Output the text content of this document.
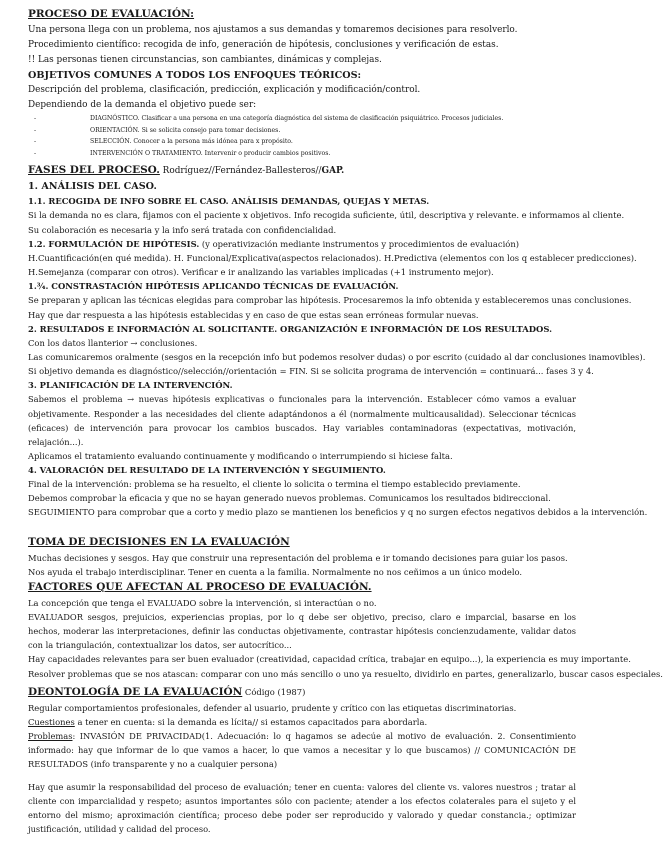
PROCESO DE EVALUACIÓN:
Una persona llega con un problema, nos ajustamos a sus demandas y tomaremos decisiones para resolverlo.
Procedimiento científico: recogida de info, generación de hipótesis, conclusiones y verificación de estas.
!! Las personas tienen circunstancias, son cambiantes, dinámicas y complejas.
OBJETIVOS COMUNES A TODOS LOS ENFOQUES TEÓRICOS:
Descripción del problema, clasificación, predicción, explicación y modificación/control.
Dependiendo de la demanda el objetivo puede ser:
-	DIAGNÓSTICO. Clasificar a una persona en una categoría diagnóstica del sistema de clasificación psiquiátrico. Procesos judiciales.
-	ORIENTACIÓN. Si se solicita consejo para tomar decisiones.
-	SELECCIÓN. Conocer a la persona más idónea para x propósito.
-	INTERVENCIÓN O TRATAMIENTO. Intervenir o producir cambios positivos.
FASES DEL PROCESO. Rodríguez//Fernández-Ballesteros//GAP.
1. ANÁLISIS DEL CASO.
1.1. RECOGIDA DE INFO SOBRE EL CASO. ANÁLISIS DEMANDAS, QUEJAS Y METAS.
Si la demanda no es clara, fijamos con el paciente x objetivos. Info recogida suficiente, útil, descriptiva y relevante. e informamos al cliente.
Su colaboración es necesaria y la info será tratada con confidencialidad.
1.2. FORMULACIÓN DE HIPÓTESIS. (y operativización mediante instrumentos y procedimientos de evaluación)
H.Cuantificación(en qué medida). H. Funcional/Explicativa(aspectos relacionados). H.Predictiva (elementos con los q establecer predicciones).
H.Semejanza (comparar con otros). Verificar e ir analizando las variables implicadas (+1 instrumento mejor).
1.¾. CONSTRASTACIÓN HIPÓTESIS APLICANDO TÉCNICAS DE EVALUACIÓN.
Se preparan y aplican las técnicas elegidas para comprobar las hipótesis. Procesaremos la info obtenida y estableceremos unas conclusiones.
Hay que dar respuesta a las hipótesis establecidas y en caso de que estas sean erróneas formular nuevas.
2. RESULTADOS E INFORMACIÓN AL SOLICITANTE. ORGANIZACIÓN E INFORMACIÓN DE LOS RESULTADOS.
Con los datos llanterior → conclusiones.
Las comunicaremos oralmente (sesgos en la recepción info but podemos resolver dudas) o por escrito (cuidado al dar conclusiones inamovibles).
Si objetivo demanda es diagnóstico//selección//orientación = FIN. Si se solicita programa de intervención = continuará... fases 3 y 4.
3. PLANIFICACIÓN DE LA INTERVENCIÓN.
Sabemos el problema → nuevas hipótesis explicativas o funcionales para la intervención. Establecer cómo vamos a evaluar objetivamente. Responder a las necesidades del cliente adaptándonos a él (normalmente multicausalidad). Seleccionar técnicas (eficaces) de intervención para provocar los cambios buscados. Hay variables contaminadoras (expectativas, motivación, relajación...).
Aplicamos el tratamiento evaluando continuamente y modificando o interrumpiendo si hiciese falta.
4. VALORACIÓN DEL RESULTADO DE LA INTERVENCIÓN Y SEGUIMIENTO.
Final de la intervención: problema se ha resuelto, el cliente lo solicita o termina el tiempo establecido previamente.
Debemos comprobar la eficacia y que no se hayan generado nuevos problemas. Comunicamos los resultados bidireccional.
SEGUIMIENTO para comprobar que a corto y medio plazo se mantienen los beneficios y q no surgen efectos negativos debidos a la intervención.
TOMA DE DECISIONES EN LA EVALUACIÓN
Muchas decisiones y sesgos. Hay que construir una representación del problema e ir tomando decisiones para guiar los pasos.
Nos ayuda el trabajo interdisciplinar. Tener en cuenta a la familia. Normalmente no nos ceñimos a un único modelo.
FACTORES QUE AFECTAN AL PROCESO DE EVALUACIÓN.
La concepción que tenga el EVALUADO sobre la intervención, si interactúan o no.
EVALUADOR sesgos, prejuicios, experiencias propias, por lo q debe ser objetivo, preciso, claro e imparcial, basarse en los hechos, moderar las interpretaciones, definir las conductas objetivamente, contrastar hipótesis concienzudamente, validar datos con la triangulación, contextualizar los datos, ser autocrítico...
Hay capacidades relevantes para ser buen evaluador (creatividad, capacidad crítica, trabajar en equipo...), la experiencia es muy importante.
Resolver problemas que se nos atascan: comparar con uno más sencillo o uno ya resuelto, dividirlo en partes, generalizarlo, buscar casos especiales.
DEONTOLOGÍA DE LA EVALUACIÓN Código (1987)
Regular comportamientos profesionales, defender al usuario, prudente y crítico con las etiquetas discriminatorias.
Cuestiones a tener en cuenta: si la demanda es lícita// si estamos capacitados para abordarla.
Problemas: INVASIÓN DE PRIVACIDAD(1. Adecuación: lo q hagamos se adecúe al motivo de evaluación. 2. Consentimiento informado: hay que informar de lo que vamos a hacer, lo que vamos a necesitar y lo que buscamos) // COMUNICACIÓN DE RESULTADOS (info transparente y no a cualquier persona)
Hay que asumir la responsabilidad del proceso de evaluación; tener en cuenta: valores del cliente vs. valores nuestros ; tratar al cliente con imparcialidad y respeto; asuntos importantes sólo con paciente; atender a los efectos colaterales para el sujeto y el entorno del mismo; aproximación científica; proceso debe poder ser reproducido y valorado y quedar constancia.; optimizar justificación, utilidad y calidad del proceso.
